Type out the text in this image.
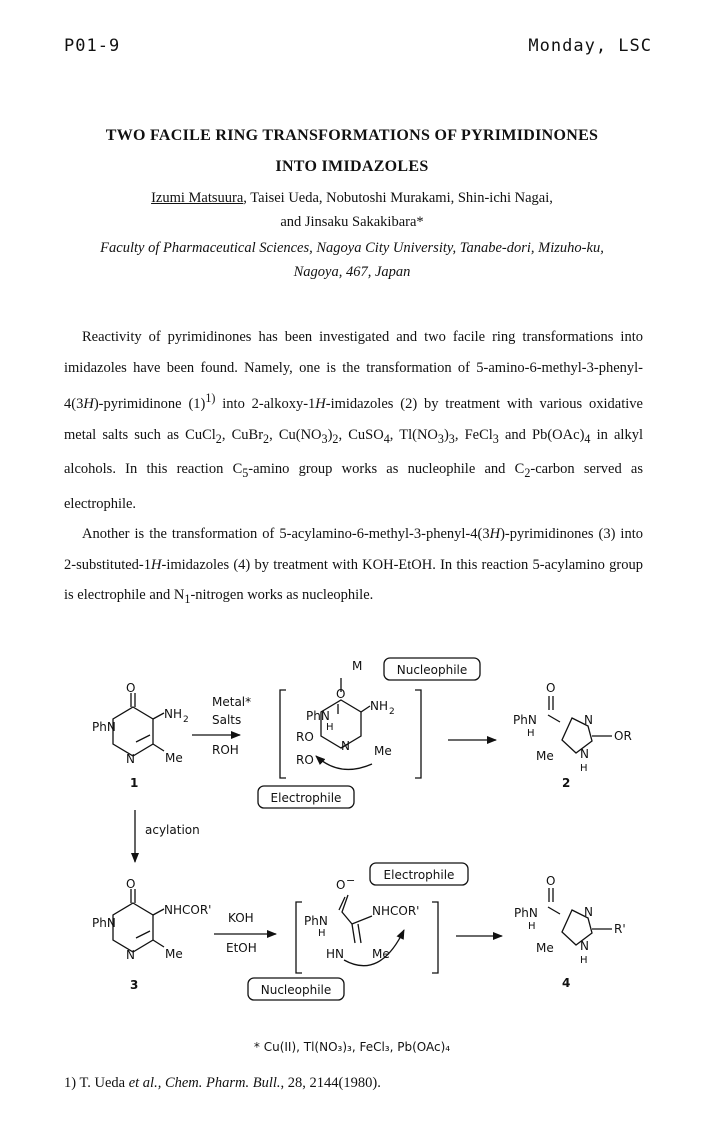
P01-9	Monday, LSC
TWO FACILE RING TRANSFORMATIONS OF PYRIMIDINONES
INTO IMIDAZOLES
Izumi Matsuura, Taisei Ueda, Nobutoshi Murakami, Shin-ichi Nagai,
and Jinsaku Sakakibara*
Faculty of Pharmaceutical Sciences, Nagoya City University, Tanabe-dori, Mizuho-ku,
Nagoya, 467, Japan

Reactivity of pyrimidinones has been investigated and two facile ring transformations into imidazoles have been found. Namely, one is the transformation of 5-amino-6-methyl-3-phenyl-4(3H)-pyrimidinone $(1)^{1)}$ into 2-alkoxy-1H-imidazoles (2) by treatment with various oxidative metal salts such as CuCl$_2$, CuBr$_2$, $Cu(NO_3)_2$, CuSO$_4$, $Tl(NO_3)_3$, FeCl$_3$ and $Pb(OAc)_4$ in alkyl alcohols. In this reaction $C_5$-amino group works as nucleophile and $C_2$-carbon served as electrophile.

Another is the transformation of 5-acylamino-6-methyl-3-phenyl-4(3H)-pyrimidinones (3) into 2-substituted-1H-imidazoles (4) by treatment with KOH-EtOH. In this reaction 5-acylamino group is electrophile and $N_1$-nitrogen works as nucleophile.

O
PhN
NH 2
N	Me
1
Metal*
Salts
ROH
M
O
PhN
NH 2
H
RO
N Me
RO
PhN
H
O
N
OR
Me N
H
2
acylation
O
PhN
NHCOR'
N	Me
3
KOH
EtOH
O −
PhN
H
NHCOR'
HN Me
PhN
H
O
N
R'
Me N
H
4
Nucleophile
Electrophile
Electrophile
Nucleophile
* Cu(II), Tl(NO₃)₃, FeCl₃, Pb(OAc)₄
1) T. Ueda et al., Chem. Pharm. Bull., 28, 2144(1980).
